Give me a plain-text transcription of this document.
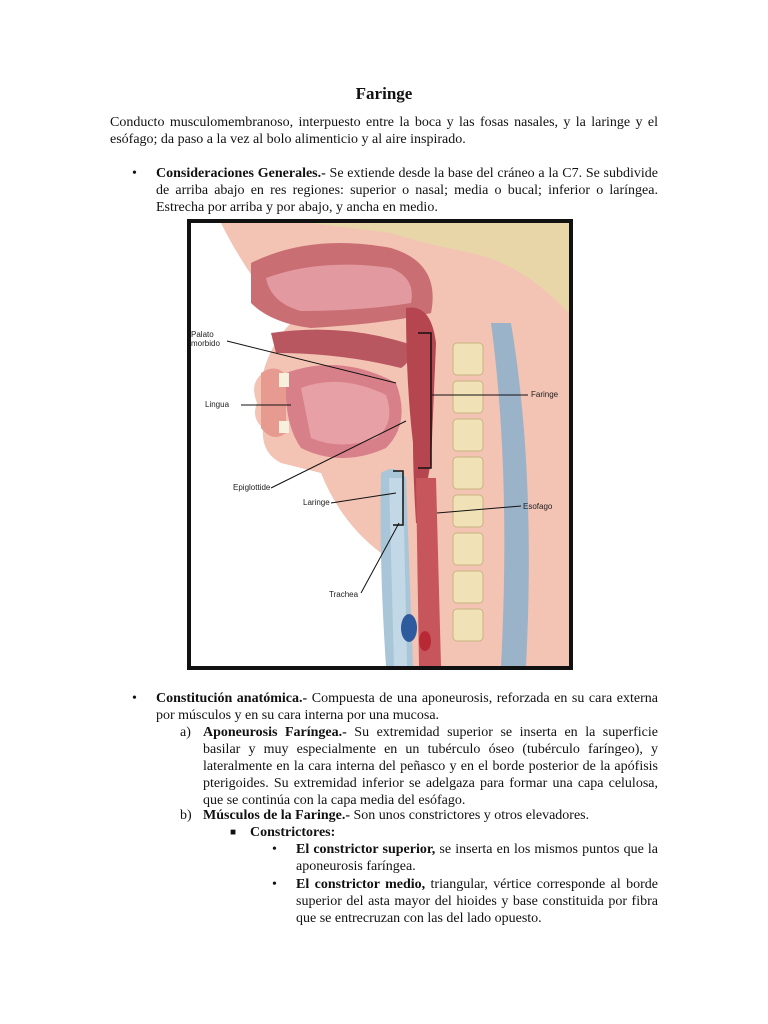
Faringe

Conducto musculomembranoso, interpuesto entre la boca y las fosas nasales, y la laringe y el esófago; da paso a la vez al bolo alimenticio y al aire inspirado.

• Consideraciones Generales.- Se extiende desde la base del cráneo a la C7. Se subdivide de arriba abajo en res regiones: superior o nasal; media o bucal; inferior o laríngea. Estrecha por arriba y por abajo, y ancha en medio.

Palato
morbido
Lingua
Epiglottide
Laringe
Trachea
Faringe
Esofago
• Constitución anatómica.- Compuesta de una aponeurosis, reforzada en su cara externa por músculos y en su cara interna por una mucosa.

a) Aponeurosis Faríngea.- Su extremidad superior se inserta en la superficie basilar y muy especialmente en un tubérculo óseo (tubérculo faríngeo), y lateralmente en la cara interna del peñasco y en el borde posterior de la apófisis pterigoides. Su extremidad inferior se adelgaza para formar una capa celulosa, que se continúa con la capa media del esófago.

b) Músculos de la Faringe.- Son unos constrictores y otros elevadores.

■ Constrictores:

• El constrictor superior, se inserta en los mismos puntos que la aponeurosis faríngea.

• El constrictor medio, triangular, vértice corresponde al borde superior del asta mayor del hioides y base constituida por fibra que se entrecruzan con las del lado opuesto.
